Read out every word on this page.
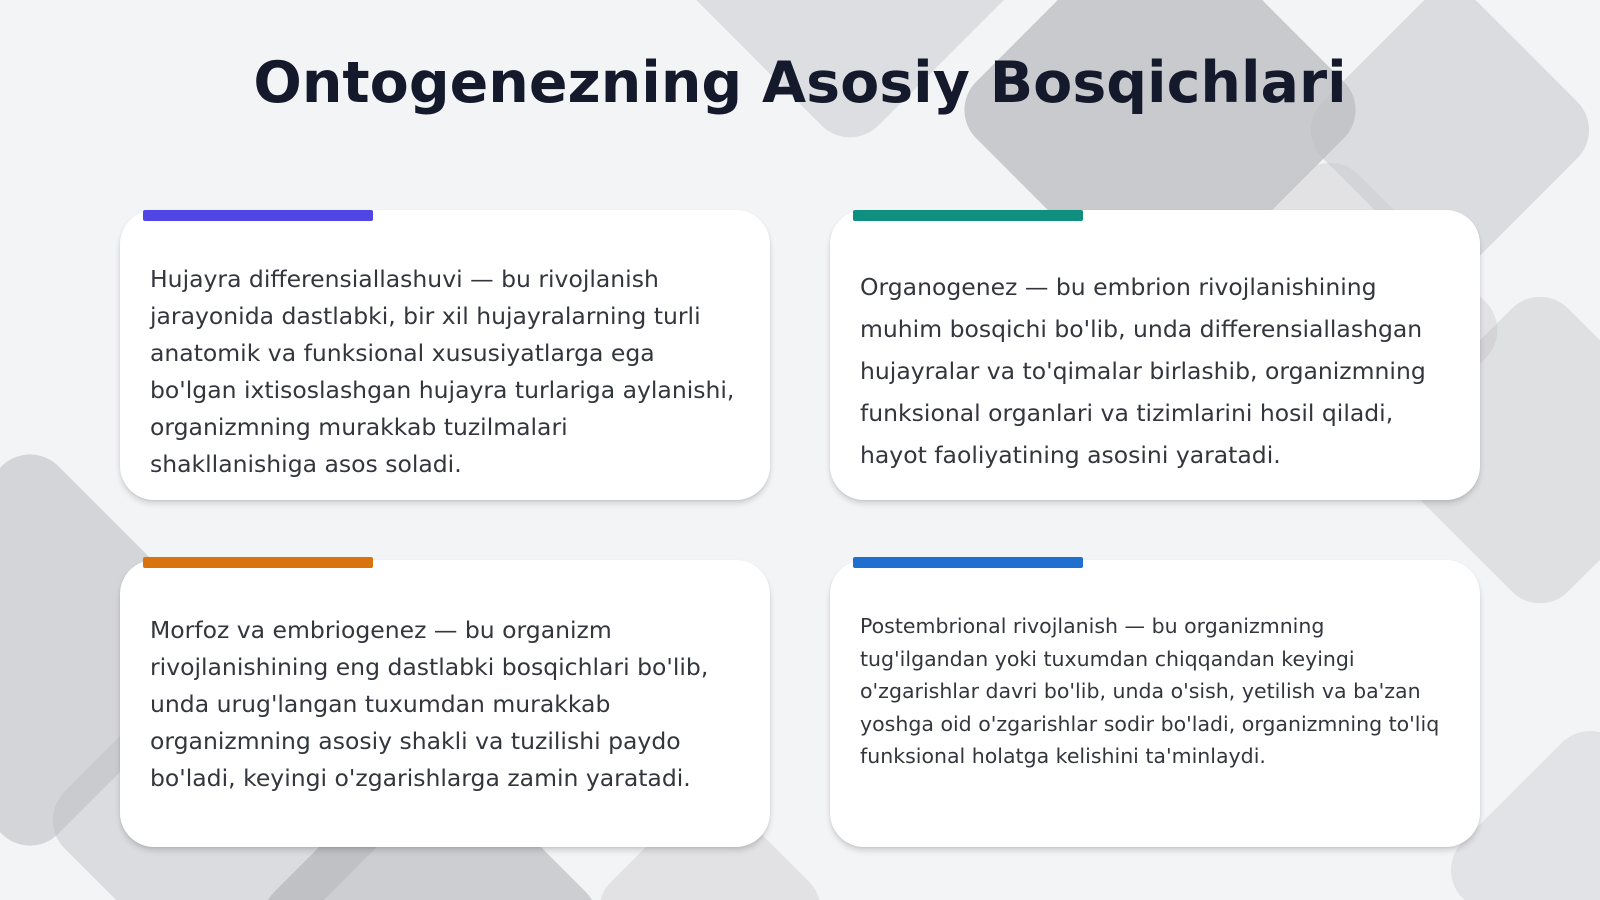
Ontogenezning Asosiy Bosqichlari

Hujayra differensiallashuvi — bu rivojlanish jarayonida dastlabki, bir xil hujayralarning turli anatomik va funksional xususiyatlarga ega bo'lgan ixtisoslashgan hujayra turlariga aylanishi, organizmning murakkab tuzilmalari shakllanishiga asos soladi.

Organogenez — bu embrion rivojlanishining muhim bosqichi bo'lib, unda differensiallashgan hujayralar va to'qimalar birlashib, organizmning funksional organlari va tizimlarini hosil qiladi, hayot faoliyatining asosini yaratadi.

Morfoz va embriogenez — bu organizm rivojlanishining eng dastlabki bosqichlari bo'lib, unda urug'langan tuxumdan murakkab organizmning asosiy shakli va tuzilishi paydo bo'ladi, keyingi o'zgarishlarga zamin yaratadi.

Postembrional rivojlanish — bu organizmning tug'ilgandan yoki tuxumdan chiqqandan keyingi o'zgarishlar davri bo'lib, unda o'sish, yetilish va ba'zan yoshga oid o'zgarishlar sodir bo'ladi, organizmning to'liq funksional holatga kelishini ta'minlaydi.
